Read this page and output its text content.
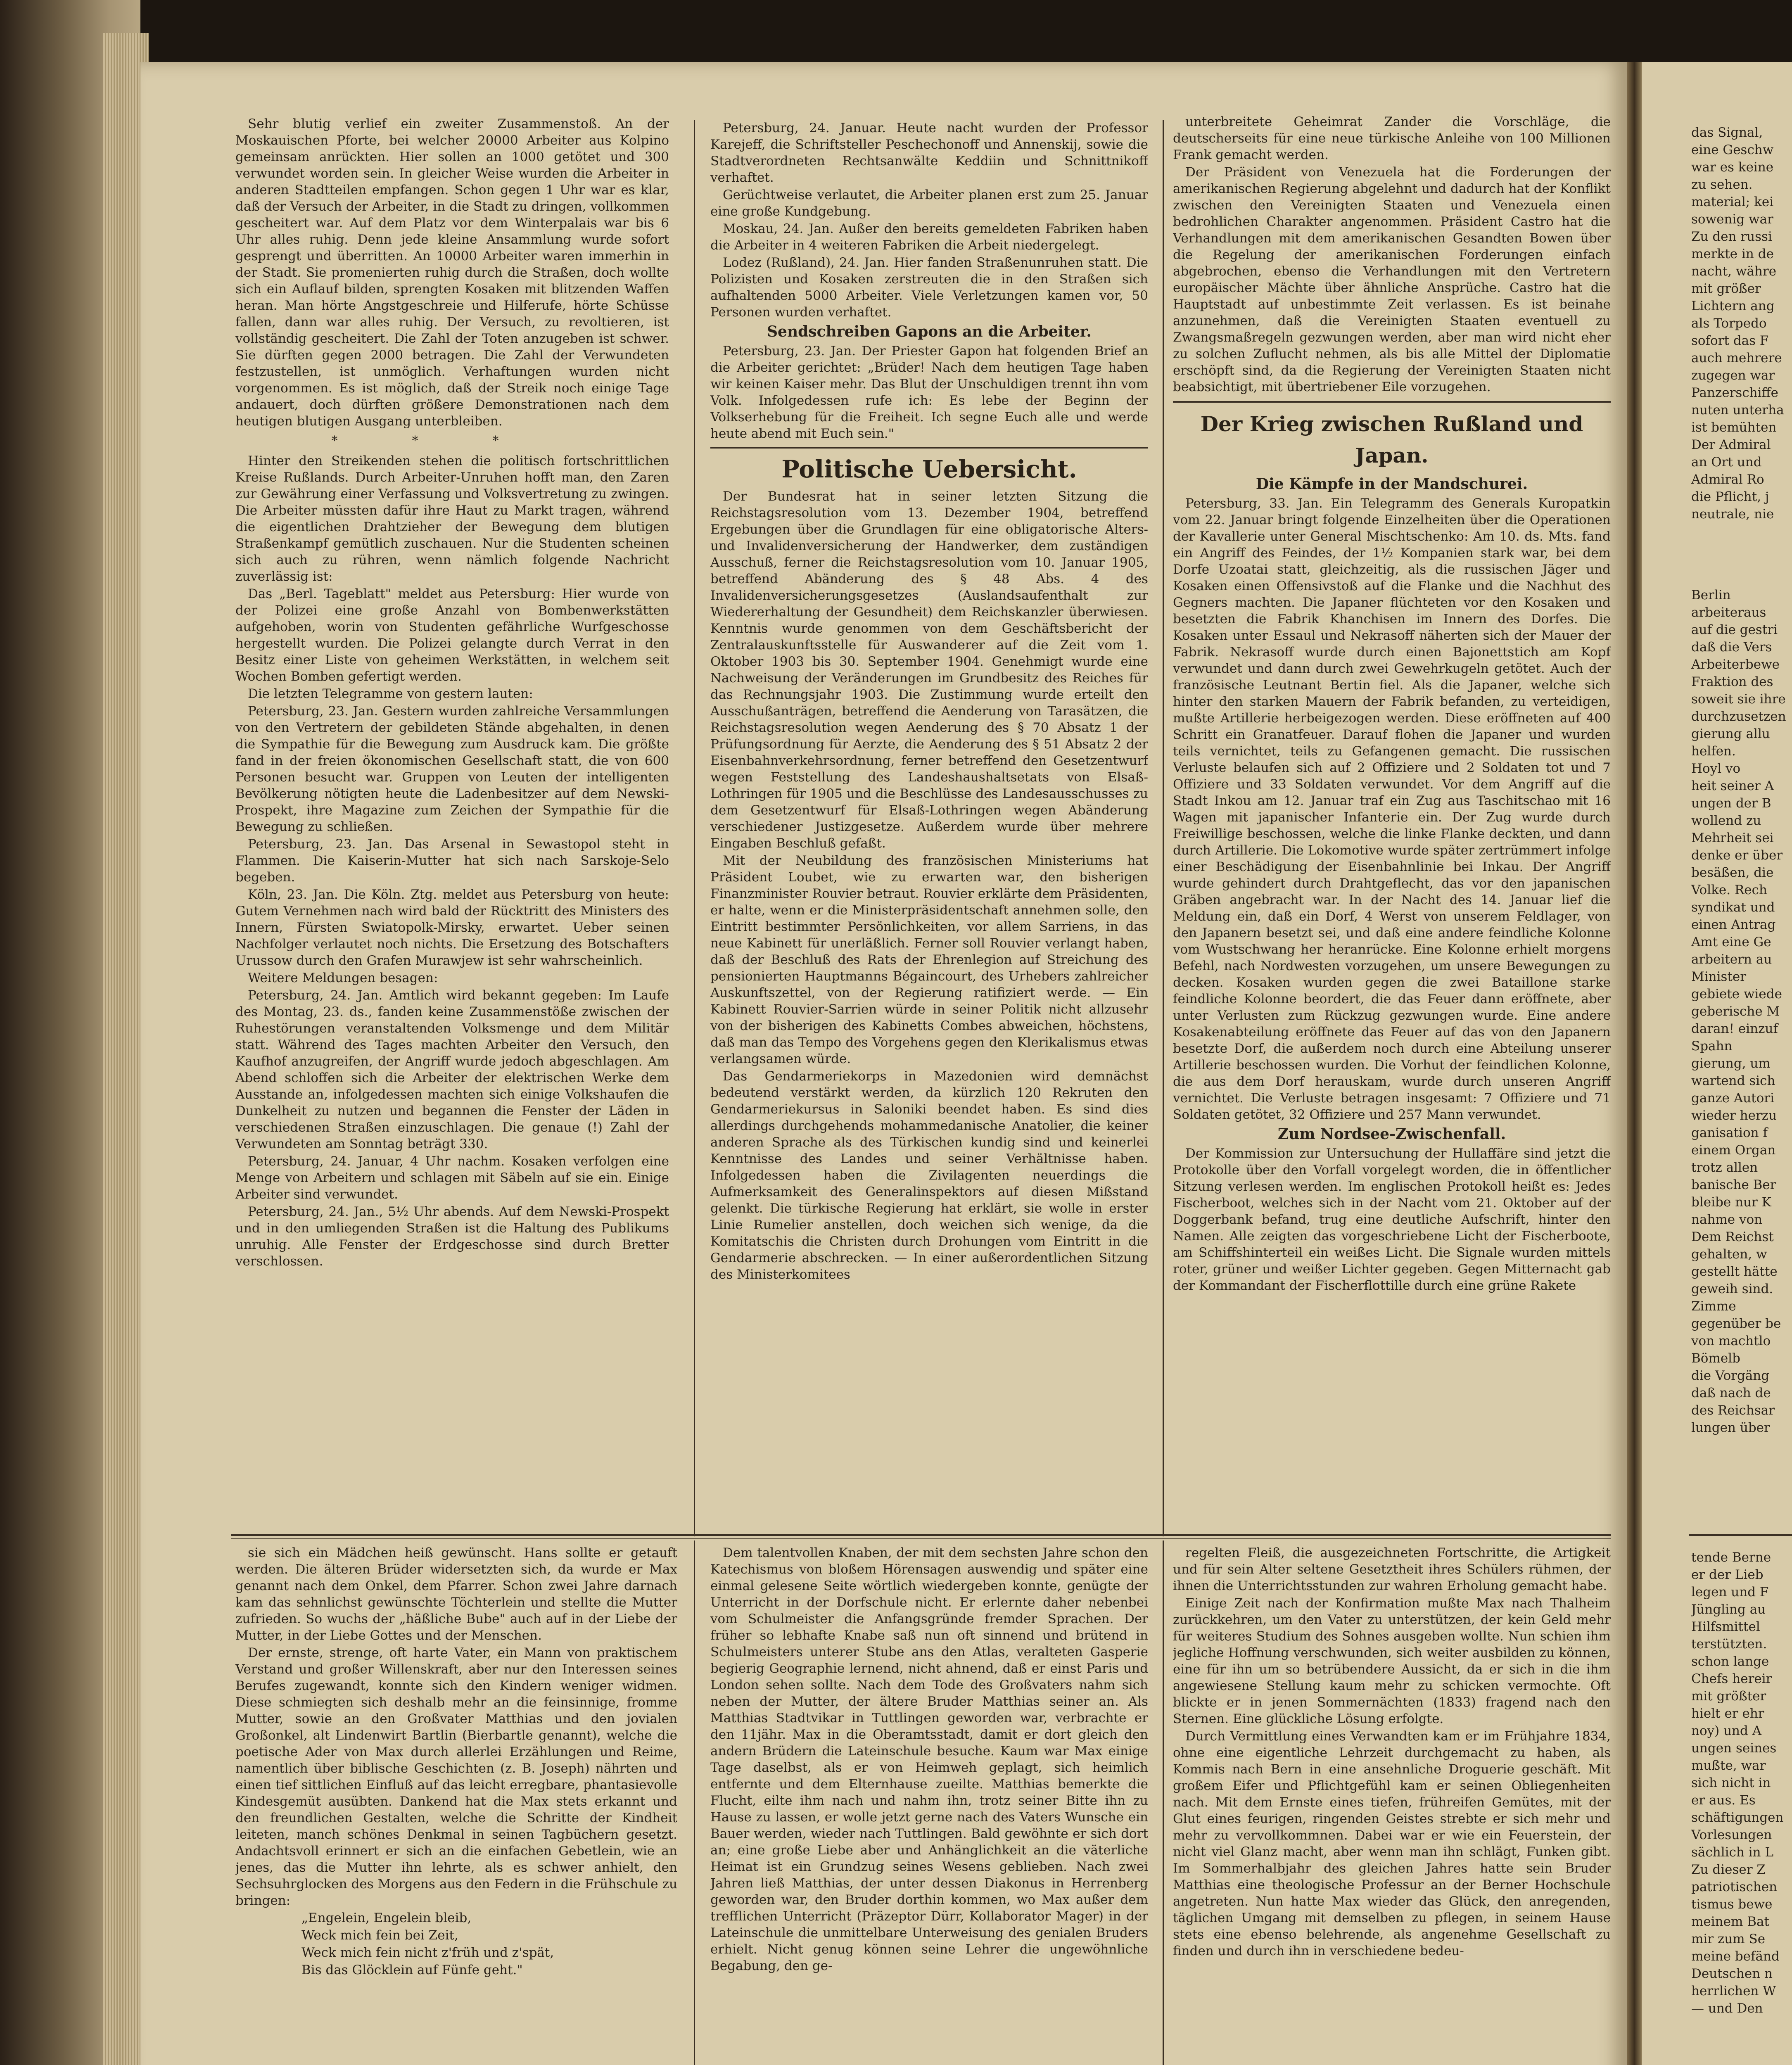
Sehr blutig verlief ein zweiter Zusammenstoß. An der Moskauischen Pforte, bei welcher 20000 Arbeiter aus Kolpino gemeinsam anrückten. Hier sollen an 1000 getötet und 300 verwundet worden sein. In gleicher Weise wurden die Arbeiter in anderen Stadtteilen empfangen. Schon gegen 1 Uhr war es klar, daß der Versuch der Arbeiter, in die Stadt zu dringen, vollkommen gescheitert war. Auf dem Platz vor dem Winterpalais war bis 6 Uhr alles ruhig. Denn jede kleine Ansammlung wurde sofort gesprengt und überritten. An 10000 Arbeiter waren immerhin in der Stadt. Sie promenierten ruhig durch die Straßen, doch wollte sich ein Auflauf bilden, sprengten Kosaken mit blitzenden Waffen heran. Man hörte Angstgeschreie und Hilferufe, hörte Schüsse fallen, dann war alles ruhig. Der Versuch, zu revoltieren, ist vollständig gescheitert. Die Zahl der Toten anzugeben ist schwer. Sie dürften gegen 2000 betragen. Die Zahl der Verwundeten festzustellen, ist unmöglich. Verhaftungen wurden nicht vorgenommen. Es ist möglich, daß der Streik noch einige Tage andauert, doch dürften größere Demonstrationen nach dem heutigen blutigen Ausgang unterbleiben.

*​*​*

Hinter den Streikenden stehen die politisch fortschrittlichen Kreise Rußlands. Durch Arbeiter-Unruhen hofft man, den Zaren zur Gewährung einer Verfassung und Volksvertretung zu zwingen. Die Arbeiter müssten dafür ihre Haut zu Markt tragen, während die eigentlichen Drahtzieher der Bewegung dem blutigen Straßenkampf gemütlich zuschauen. Nur die Studenten scheinen sich auch zu rühren, wenn nämlich folgende Nachricht zuverlässig ist:

Das „Berl. Tageblatt" meldet aus Petersburg: Hier wurde von der Polizei eine große Anzahl von Bombenwerkstätten aufgehoben, worin von Studenten gefährliche Wurfgeschosse hergestellt wurden. Die Polizei gelangte durch Verrat in den Besitz einer Liste von geheimen Werkstätten, in welchem seit Wochen Bomben gefertigt werden.

Die letzten Telegramme von gestern lauten:

Petersburg, 23. Jan. Gestern wurden zahlreiche Versammlungen von den Vertretern der gebildeten Stände abgehalten, in denen die Sympathie für die Bewegung zum Ausdruck kam. Die größte fand in der freien ökonomischen Gesellschaft statt, die von 600 Personen besucht war. Gruppen von Leuten der intelligenten Bevölkerung nötigten heute die Ladenbesitzer auf dem Newski-Prospekt, ihre Magazine zum Zeichen der Sympathie für die Bewegung zu schließen.

Petersburg, 23. Jan. Das Arsenal in Sewastopol steht in Flammen. Die Kaiserin-Mutter hat sich nach Sarskoje-Selo begeben.

Köln, 23. Jan. Die Köln. Ztg. meldet aus Petersburg von heute: Gutem Vernehmen nach wird bald der Rücktritt des Ministers des Innern, Fürsten Swiatopolk-Mirsky, erwartet. Ueber seinen Nachfolger verlautet noch nichts. Die Ersetzung des Botschafters Urussow durch den Grafen Murawjew ist sehr wahrscheinlich.

Weitere Meldungen besagen:

Petersburg, 24. Jan. Amtlich wird bekannt gegeben: Im Laufe des Montag, 23. ds., fanden keine Zusammenstöße zwischen der Ruhestörungen veranstaltenden Volksmenge und dem Militär statt. Während des Tages machten Arbeiter den Versuch, den Kaufhof anzugreifen, der Angriff wurde jedoch abgeschlagen. Am Abend schloffen sich die Arbeiter der elektrischen Werke dem Ausstande an, infolgedessen machten sich einige Volkshaufen die Dunkelheit zu nutzen und begannen die Fenster der Läden in verschiedenen Straßen einzuschlagen. Die genaue (!) Zahl der Verwundeten am Sonntag beträgt 330.

Petersburg, 24. Januar, 4 Uhr nachm. Kosaken verfolgen eine Menge von Arbeitern und schlagen mit Säbeln auf sie ein. Einige Arbeiter sind verwundet.

Petersburg, 24. Jan., 5½ Uhr abends. Auf dem Newski-Prospekt und in den umliegenden Straßen ist die Haltung des Publikums unruhig. Alle Fenster der Erdgeschosse sind durch Bretter verschlossen.

Petersburg, 24. Januar. Heute nacht wurden der Professor Karejeff, die Schriftsteller Peschechonoff und Annenskij, sowie die Stadtverordneten Rechtsanwälte Keddiin und Schnittnikoff verhaftet.

Gerüchtweise verlautet, die Arbeiter planen erst zum 25. Januar eine große Kundgebung.

Moskau, 24. Jan. Außer den bereits gemeldeten Fabriken haben die Arbeiter in 4 weiteren Fabriken die Arbeit niedergelegt.

Lodez (Rußland), 24. Jan. Hier fanden Straßenunruhen statt. Die Polizisten und Kosaken zerstreuten die in den Straßen sich aufhaltenden 5000 Arbeiter. Viele Verletzungen kamen vor, 50 Personen wurden verhaftet.

Sendschreiben Gapons an die Arbeiter.

Petersburg, 23. Jan. Der Priester Gapon hat folgenden Brief an die Arbeiter gerichtet: „Brüder! Nach dem heutigen Tage haben wir keinen Kaiser mehr. Das Blut der Unschuldigen trennt ihn vom Volk. Infolgedessen rufe ich: Es lebe der Beginn der Volkserhebung für die Freiheit. Ich segne Euch alle und werde heute abend mit Euch sein."

Politische Uebersicht.

Der Bundesrat hat in seiner letzten Sitzung die Reichstagsresolution vom 13. Dezember 1904, betreffend Ergebungen über die Grundlagen für eine obligatorische Alters- und Invalidenversicherung der Handwerker, dem zuständigen Ausschuß, ferner die Reichstagsresolution vom 10. Januar 1905, betreffend Abänderung des § 48 Abs. 4 des Invalidenversicherungsgesetzes (Auslandsaufenthalt zur Wiedererhaltung der Gesundheit) dem Reichskanzler überwiesen. Kenntnis wurde genommen von dem Geschäftsbericht der Zentralauskunftsstelle für Auswanderer auf die Zeit vom 1. Oktober 1903 bis 30. September 1904. Genehmigt wurde eine Nachweisung der Veränderungen im Grundbesitz des Reiches für das Rechnungsjahr 1903. Die Zustimmung wurde erteilt den Ausschußanträgen, betreffend die Aenderung von Tarasätzen, die Reichstagsresolution wegen Aenderung des § 70 Absatz 1 der Prüfungsordnung für Aerzte, die Aenderung des § 51 Absatz 2 der Eisenbahnverkehrsordnung, ferner betreffend den Gesetzentwurf wegen Feststellung des Landeshaushaltsetats von Elsaß-Lothringen für 1905 und die Beschlüsse des Landesausschusses zu dem Gesetzentwurf für Elsaß-Lothringen wegen Abänderung verschiedener Justizgesetze. Außerdem wurde über mehrere Eingaben Beschluß gefaßt.

Mit der Neubildung des französischen Ministeriums hat Präsident Loubet, wie zu erwarten war, den bisherigen Finanzminister Rouvier betraut. Rouvier erklärte dem Präsidenten, er halte, wenn er die Ministerpräsidentschaft annehmen solle, den Eintritt bestimmter Persönlichkeiten, vor allem Sarriens, in das neue Kabinett für unerläßlich. Ferner soll Rouvier verlangt haben, daß der Beschluß des Rats der Ehrenlegion auf Streichung des pensionierten Hauptmanns Bégaincourt, des Urhebers zahlreicher Auskunftszettel, von der Regierung ratifiziert werde. — Ein Kabinett Rouvier-Sarrien würde in seiner Politik nicht allzusehr von der bisherigen des Kabinetts Combes abweichen, höchstens, daß man das Tempo des Vorgehens gegen den Klerikalismus etwas verlangsamen würde.

Das Gendarmeriekorps in Mazedonien wird demnächst bedeutend verstärkt werden, da kürzlich 120 Rekruten den Gendarmeriekursus in Saloniki beendet haben. Es sind dies allerdings durchgehends mohammedanische Anatolier, die keiner anderen Sprache als des Türkischen kundig sind und keinerlei Kenntnisse des Landes und seiner Verhältnisse haben. Infolgedessen haben die Zivilagenten neuerdings die Aufmerksamkeit des Generalinspektors auf diesen Mißstand gelenkt. Die türkische Regierung hat erklärt, sie wolle in erster Linie Rumelier anstellen, doch weichen sich wenige, da die Komitatschis die Christen durch Drohungen vom Eintritt in die Gendarmerie abschrecken. — In einer außerordentlichen Sitzung des Ministerkomitees

unterbreitete Geheimrat Zander die Vorschläge, die deutscherseits für eine neue türkische Anleihe von 100 Millionen Frank gemacht werden.

Der Präsident von Venezuela hat die Forderungen der amerikanischen Regierung abgelehnt und dadurch hat der Konflikt zwischen den Vereinigten Staaten und Venezuela einen bedrohlichen Charakter angenommen. Präsident Castro hat die Verhandlungen mit dem amerikanischen Gesandten Bowen über die Regelung der amerikanischen Forderungen einfach abgebrochen, ebenso die Verhandlungen mit den Vertretern europäischer Mächte über ähnliche Ansprüche. Castro hat die Hauptstadt auf unbestimmte Zeit verlassen. Es ist beinahe anzunehmen, daß die Vereinigten Staaten eventuell zu Zwangsmaßregeln gezwungen werden, aber man wird nicht eher zu solchen Zuflucht nehmen, als bis alle Mittel der Diplomatie erschöpft sind, da die Regierung der Vereinigten Staaten nicht beabsichtigt, mit übertriebener Eile vorzugehen.

Der Krieg zwischen Rußland und Japan.
Die Kämpfe in der Mandschurei.

Petersburg, 33. Jan. Ein Telegramm des Generals Kuropatkin vom 22. Januar bringt folgende Einzelheiten über die Operationen der Kavallerie unter General Mischtschenko: Am 10. ds. Mts. fand ein Angriff des Feindes, der 1½ Kompanien stark war, bei dem Dorfe Uzoatai statt, gleichzeitig, als die russischen Jäger und Kosaken einen Offensivstoß auf die Flanke und die Nachhut des Gegners machten. Die Japaner flüchteten vor den Kosaken und besetzten die Fabrik Khanchisen im Innern des Dorfes. Die Kosaken unter Essaul und Nekrasoff näherten sich der Mauer der Fabrik. Nekrasoff wurde durch einen Bajonettstich am Kopf verwundet und dann durch zwei Gewehrkugeln getötet. Auch der französische Leutnant Bertin fiel. Als die Japaner, welche sich hinter den starken Mauern der Fabrik befanden, zu verteidigen, mußte Artillerie herbeigezogen werden. Diese eröffneten auf 400 Schritt ein Granatfeuer. Darauf flohen die Japaner und wurden teils vernichtet, teils zu Gefangenen gemacht. Die russischen Verluste belaufen sich auf 2 Offiziere und 2 Soldaten tot und 7 Offiziere und 33 Soldaten verwundet. Vor dem Angriff auf die Stadt Inkou am 12. Januar traf ein Zug aus Taschitschao mit 16 Wagen mit japanischer Infanterie ein. Der Zug wurde durch Freiwillige beschossen, welche die linke Flanke deckten, und dann durch Artillerie. Die Lokomotive wurde später zertrümmert infolge einer Beschädigung der Eisenbahnlinie bei Inkau. Der Angriff wurde gehindert durch Drahtgeflecht, das vor den japanischen Gräben angebracht war. In der Nacht des 14. Januar lief die Meldung ein, daß ein Dorf, 4 Werst von unserem Feldlager, von den Japanern besetzt sei, und daß eine andere feindliche Kolonne vom Wustschwang her heranrücke. Eine Kolonne erhielt morgens Befehl, nach Nordwesten vorzugehen, um unsere Bewegungen zu decken. Kosaken wurden gegen die zwei Bataillone starke feindliche Kolonne beordert, die das Feuer dann eröffnete, aber unter Verlusten zum Rückzug gezwungen wurde. Eine andere Kosakenabteilung eröffnete das Feuer auf das von den Japanern besetzte Dorf, die außerdem noch durch eine Abteilung unserer Artillerie beschossen wurden. Die Vorhut der feindlichen Kolonne, die aus dem Dorf herauskam, wurde durch unseren Angriff vernichtet. Die Verluste betragen insgesamt: 7 Offiziere und 71 Soldaten getötet, 32 Offiziere und 257 Mann verwundet.

Zum Nordsee-Zwischenfall.

Der Kommission zur Untersuchung der Hullaffäre sind jetzt die Protokolle über den Vorfall vorgelegt worden, die in öffentlicher Sitzung verlesen werden. Im englischen Protokoll heißt es: Jedes Fischerboot, welches sich in der Nacht vom 21. Oktober auf der Doggerbank befand, trug eine deutliche Aufschrift, hinter den Namen. Alle zeigten das vorgeschriebene Licht der Fischerboote, am Schiffshinterteil ein weißes Licht. Die Signale wurden mittels roter, grüner und weißer Lichter gegeben. Gegen Mitternacht gab der Kommandant der Fischerflottille durch eine grüne Rakete

sie sich ein Mädchen heiß gewünscht. Hans sollte er getauft werden. Die älteren Brüder widersetzten sich, da wurde er Max genannt nach dem Onkel, dem Pfarrer. Schon zwei Jahre darnach kam das sehnlichst gewünschte Töchterlein und stellte die Mutter zufrieden. So wuchs der „häßliche Bube" auch auf in der Liebe der Mutter, in der Liebe Gottes und der Menschen.

Der ernste, strenge, oft harte Vater, ein Mann von praktischem Verstand und großer Willenskraft, aber nur den Interessen seines Berufes zugewandt, konnte sich den Kindern weniger widmen. Diese schmiegten sich deshalb mehr an die feinsinnige, fromme Mutter, sowie an den Großvater Matthias und den jovialen Großonkel, alt Lindenwirt Bartlin (Bierbartle genannt), welche die poetische Ader von Max durch allerlei Erzählungen und Reime, namentlich über biblische Geschichten (z. B. Joseph) nährten und einen tief sittlichen Einfluß auf das leicht erregbare, phantasievolle Kindesgemüt ausübten. Dankend hat die Max stets erkannt und den freundlichen Gestalten, welche die Schritte der Kindheit leiteten, manch schönes Denkmal in seinen Tagbüchern gesetzt. Andachtsvoll erinnert er sich an die einfachen Gebetlein, wie an jenes, das die Mutter ihn lehrte, als es schwer anhielt, den Sechsuhrglocken des Morgens aus den Federn in die Frühschule zu bringen:

„Engelein, Engelein bleib,

Weck mich fein bei Zeit,

Weck mich fein nicht z'früh und z'spät,

Bis das Glöcklein auf Fünfe geht."

Dem talentvollen Knaben, der mit dem sechsten Jahre schon den Katechismus von bloßem Hörensagen auswendig und später eine einmal gelesene Seite wörtlich wiedergeben konnte, genügte der Unterricht in der Dorfschule nicht. Er erlernte daher nebenbei vom Schulmeister die Anfangsgründe fremder Sprachen. Der früher so lebhafte Knabe saß nun oft sinnend und brütend in Schulmeisters unterer Stube ans den Atlas, veralteten Gasperie begierig Geographie lernend, nicht ahnend, daß er einst Paris und London sehen sollte. Nach dem Tode des Großvaters nahm sich neben der Mutter, der ältere Bruder Matthias seiner an. Als Matthias Stadtvikar in Tuttlingen geworden war, verbrachte er den 11jähr. Max in die Oberamtsstadt, damit er dort gleich den andern Brüdern die Lateinschule besuche. Kaum war Max einige Tage daselbst, als er von Heimweh geplagt, sich heimlich entfernte und dem Elternhause zueilte. Matthias bemerkte die Flucht, eilte ihm nach und nahm ihn, trotz seiner Bitte ihn zu Hause zu lassen, er wolle jetzt gerne nach des Vaters Wunsche ein Bauer werden, wieder nach Tuttlingen. Bald gewöhnte er sich dort an; eine große Liebe aber und Anhänglichkeit an die väterliche Heimat ist ein Grundzug seines Wesens geblieben. Nach zwei Jahren ließ Matthias, der unter dessen Diakonus in Herrenberg geworden war, den Bruder dorthin kommen, wo Max außer dem trefflichen Unterricht (Präzeptor Dürr, Kollaborator Mager) in der Lateinschule die unmittelbare Unterweisung des genialen Bruders erhielt. Nicht genug können seine Lehrer die ungewöhnliche Begabung, den ge-

regelten Fleiß, die ausgezeichneten Fortschritte, die Artigkeit und für sein Alter seltene Gesetztheit ihres Schülers rühmen, der ihnen die Unterrichtsstunden zur wahren Erholung gemacht habe.

Einige Zeit nach der Konfirmation mußte Max nach Thalheim zurückkehren, um den Vater zu unterstützen, der kein Geld mehr für weiteres Studium des Sohnes ausgeben wollte. Nun schien ihm jegliche Hoffnung verschwunden, sich weiter ausbilden zu können, eine für ihn um so betrübendere Aussicht, da er sich in die ihm angewiesene Stellung kaum mehr zu schicken vermochte. Oft blickte er in jenen Sommernächten (1833) fragend nach den Sternen. Eine glückliche Lösung erfolgte.

Durch Vermittlung eines Verwandten kam er im Frühjahre 1834, ohne eine eigentliche Lehrzeit durchgemacht zu haben, als Kommis nach Bern in eine ansehnliche Droguerie geschäft. Mit großem Eifer und Pflichtgefühl kam er seinen Obliegenheiten nach. Mit dem Ernste eines tiefen, frühreifen Gemütes, mit der Glut eines feurigen, ringenden Geistes strebte er sich mehr und mehr zu vervollkommnen. Dabei war er wie ein Feuerstein, der nicht viel Glanz macht, aber wenn man ihn schlägt, Funken gibt. Im Sommerhalbjahr des gleichen Jahres hatte sein Bruder Matthias eine theologische Professur an der Berner Hochschule angetreten. Nun hatte Max wieder das Glück, den anregenden, täglichen Umgang mit demselben zu pflegen, in seinem Hause stets eine ebenso belehrende, als angenehme Gesellschaft zu finden und durch ihn in verschiedene bedeu-

das Signal,
eine Geschw
war es keine
zu sehen.
material; kei
sowenig war
Zu den russi
merkte in de
nacht, währe
mit größer
Lichtern ang
als Torpedo
sofort das F
auch mehrere
zugegen war
Panzerschiffe
nuten unterha
ist bemühten
Der Admiral
an Ort und
Admiral Ro
die Pflicht, j
neutrale, nie
Berlin
arbeiteraus
auf die gestri
daß die Vers
Arbeiterbewe
Fraktion des
soweit sie ihre
durchzusetzen
gierung allu
helfen.
Hoyl vo
heit seiner A
ungen der B
wollend zu
Mehrheit sei
denke er über
besäßen, die
Volke. Rech
syndikat und
einen Antrag
Amt eine Ge
arbeitern au
Minister
gebiete wiede
geberische M
daran! einzuf
Spahn
gierung, um
wartend sich
ganze Autori
wieder herzu
ganisation f
einem Organ
trotz allen
banische Ber
bleibe nur K
nahme von
Dem Reichst
gehalten, w
gestellt hätte
geweih sind.
Zimme
gegenüber be
von machtlo
Bömelb
die Vorgäng
daß nach de
des Reichsar
lungen über
tende Berne
er der Lieb
legen und F
Jüngling au
Hilfsmittel
terstützten.
schon lange
Chefs hereir
mit größter
hielt er ehr
noy) und A
ungen seines
mußte, war
sich nicht in
er aus. Es
schäftigungen
Vorlesungen
sächlich in L
Zu dieser Z
patriotischen
tismus bewe
meinem Bat
mir zum Se
meine befänd
Deutschen n
herrlichen W
— und Den
